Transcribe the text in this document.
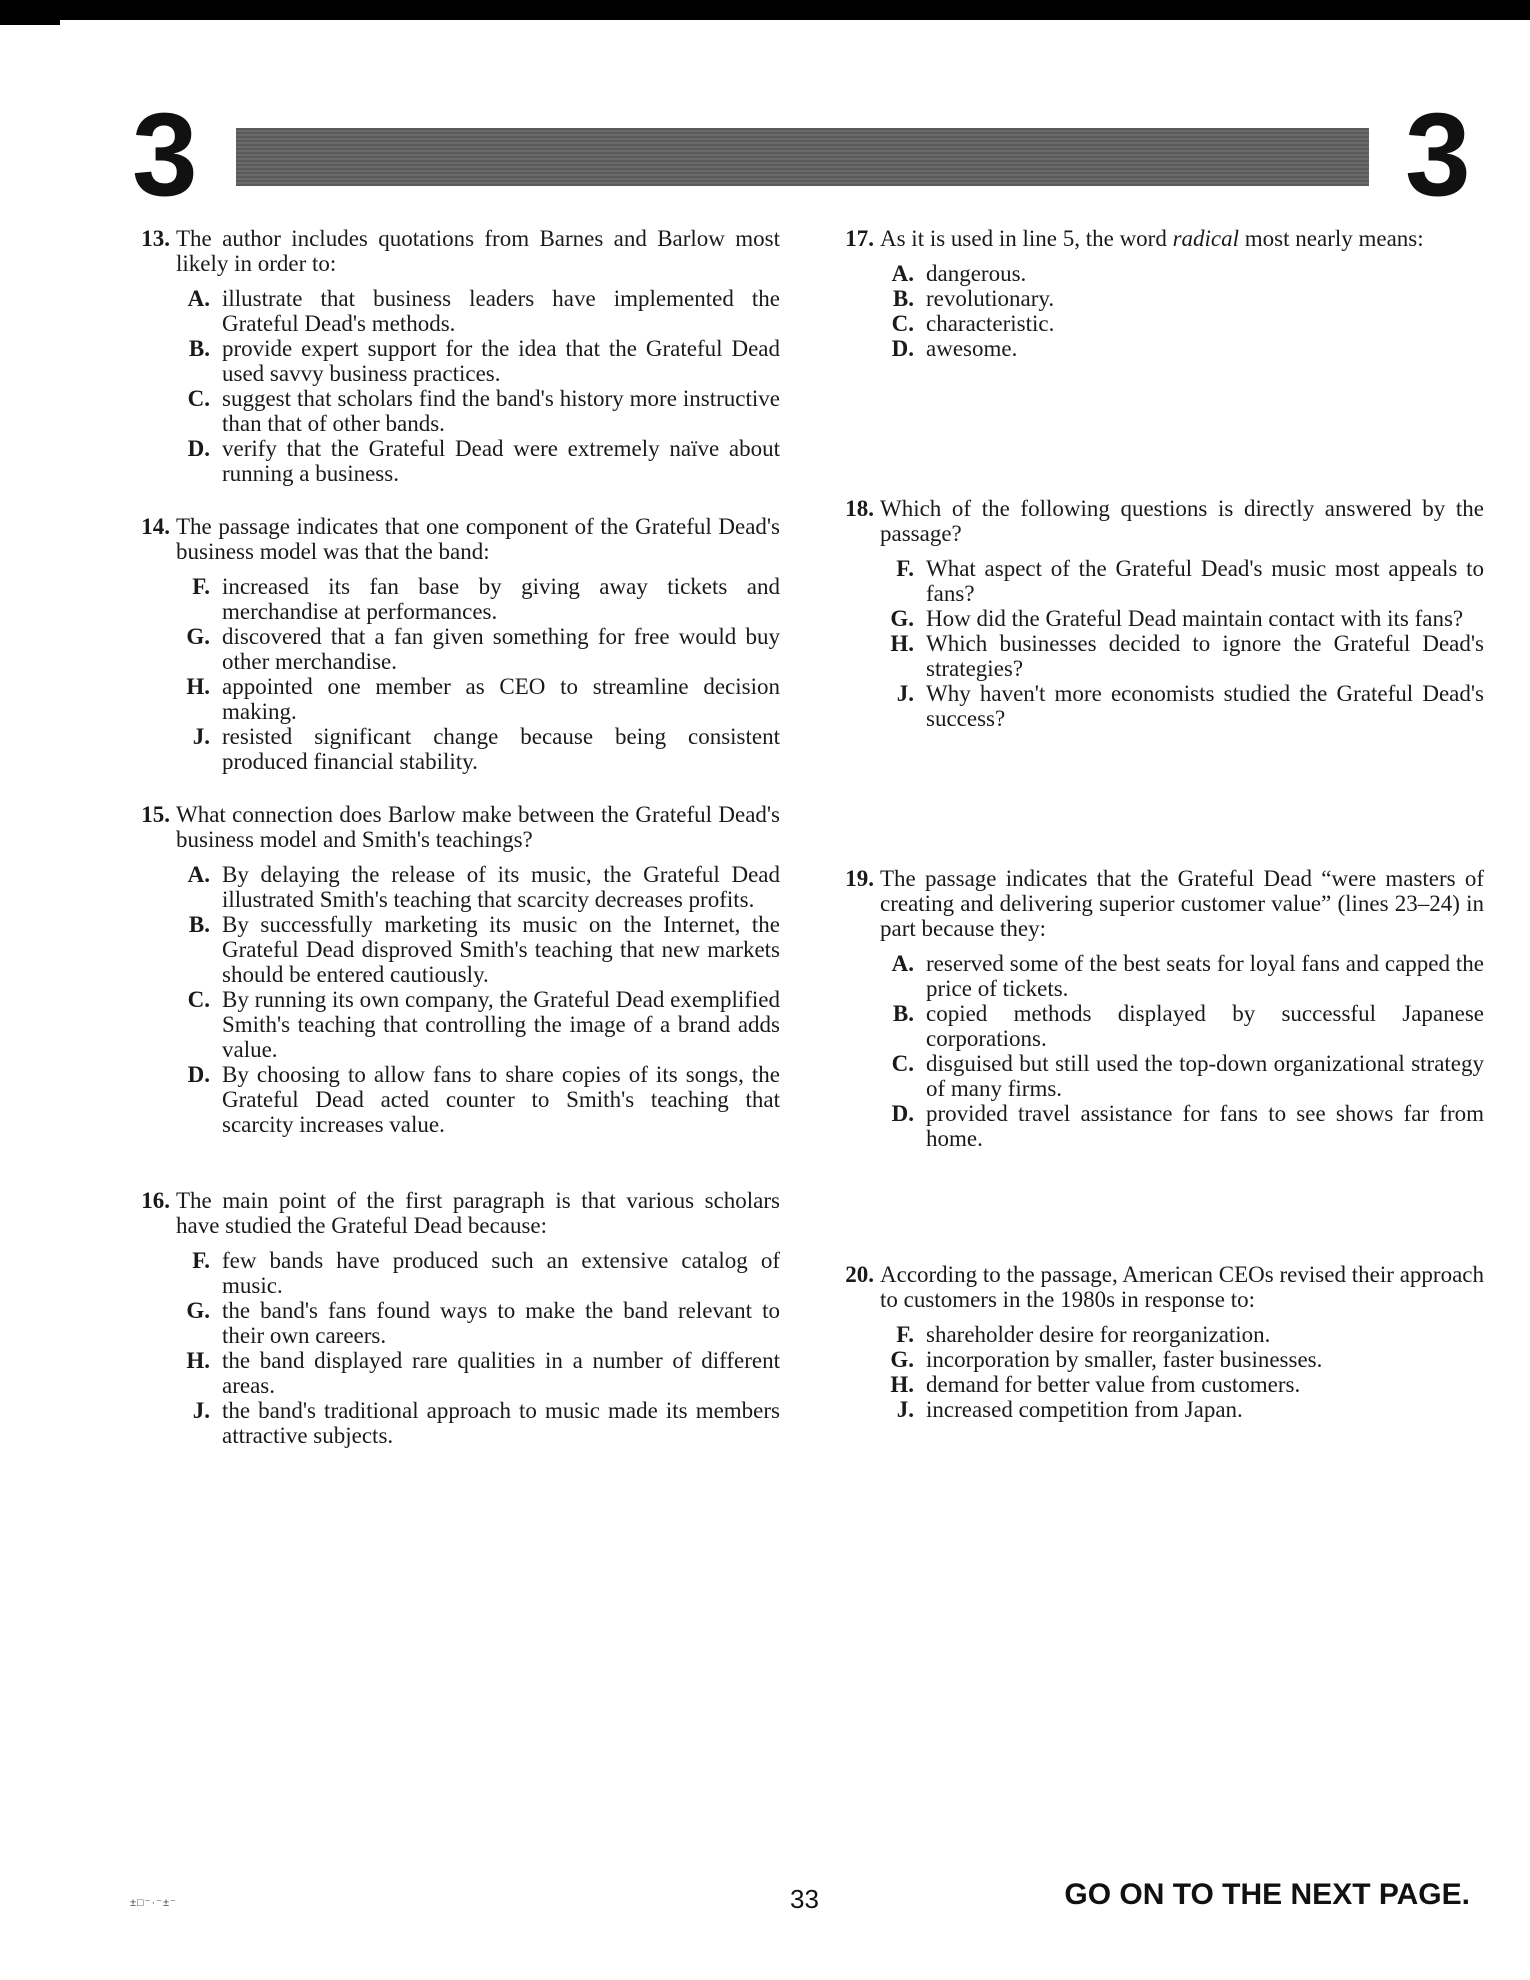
3	3
13. The author includes quotations from Barnes and Barlow most likely in order to:
A. illustrate that business leaders have implemented the Grateful Dead's methods.
B. provide expert support for the idea that the Grateful Dead used savvy business practices.
C. suggest that scholars find the band's history more instructive than that of other bands.
D. verify that the Grateful Dead were extremely naïve about running a business.
14. The passage indicates that one component of the Grateful Dead's business model was that the band:
F. increased its fan base by giving away tickets and merchandise at performances.
G. discovered that a fan given something for free would buy other merchandise.
H. appointed one member as CEO to streamline decision making.
J. resisted significant change because being consistent produced financial stability.
15. What connection does Barlow make between the Grateful Dead's business model and Smith's teachings?
A. By delaying the release of its music, the Grateful Dead illustrated Smith's teaching that scarcity decreases profits.
B. By successfully marketing its music on the Internet, the Grateful Dead disproved Smith's teaching that new markets should be entered cautiously.
C. By running its own company, the Grateful Dead exemplified Smith's teaching that controlling the image of a brand adds value.
D. By choosing to allow fans to share copies of its songs, the Grateful Dead acted counter to Smith's teaching that scarcity increases value.
16. The main point of the first paragraph is that various scholars have studied the Grateful Dead because:
F. few bands have produced such an extensive catalog of music.
G. the band's fans found ways to make the band relevant to their own careers.
H. the band displayed rare qualities in a number of different areas.
J. the band's traditional approach to music made its members attractive subjects.
17. As it is used in line 5, the word radical most nearly means:
A. dangerous.
B. revolutionary.
C. characteristic.
D. awesome.
18. Which of the following questions is directly answered by the passage?
F. What aspect of the Grateful Dead's music most appeals to fans?
G. How did the Grateful Dead maintain contact with its fans?
H. Which businesses decided to ignore the Grateful Dead's strategies?
J. Why haven't more economists studied the Grateful Dead's success?
19. The passage indicates that the Grateful Dead “were masters of creating and delivering superior customer value” (lines 23–24) in part because they:
A. reserved some of the best seats for loyal fans and capped the price of tickets.
B. copied methods displayed by successful Japanese corporations.
C. disguised but still used the top-down organizational strategy of many firms.
D. provided travel assistance for fans to see shows far from home.
20. According to the passage, American CEOs revised their approach to customers in the 1980s in response to:
F. shareholder desire for reorganization.
G. incorporation by smaller, faster businesses.
H. demand for better value from customers.
J. increased competition from Japan.
±□⁻·⁻±⁻	33	GO ON TO THE NEXT PAGE.
